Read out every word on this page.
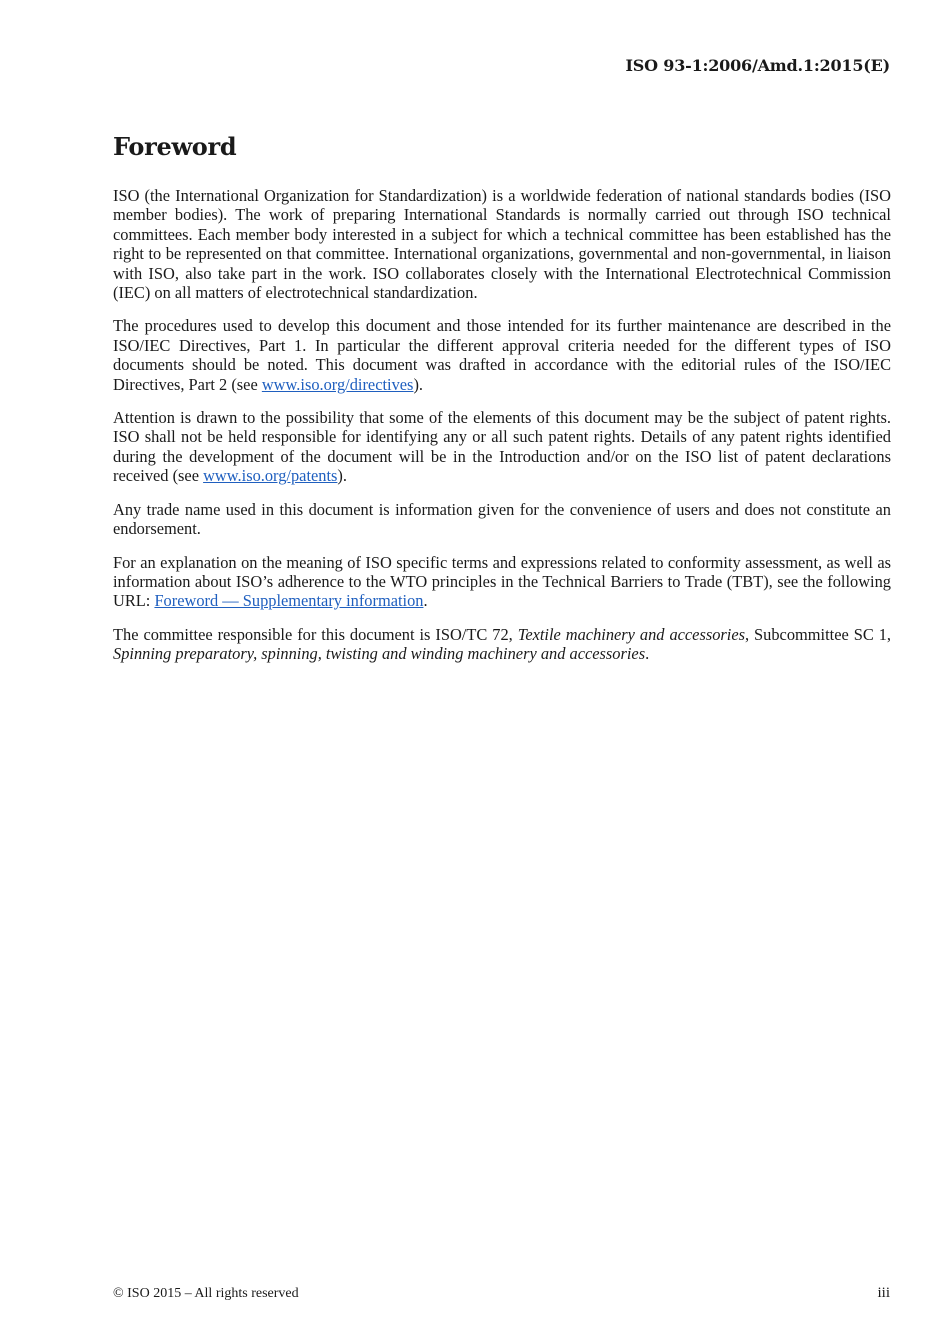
ISO 93-1:2006/Amd.1:2015(E)
Foreword

ISO (the International Organization for Standardization) is a worldwide federation of national standards bodies (ISO member bodies). The work of preparing International Standards is normally carried out through ISO technical committees. Each member body interested in a subject for which a technical committee has been established has the right to be represented on that committee. International organizations, governmental and non-governmental, in liaison with ISO, also take part in the work. ISO collaborates closely with the International Electrotechnical Commission (IEC) on all matters of electrotechnical standardization.

The procedures used to develop this document and those intended for its further maintenance are described in the ISO/IEC Directives, Part 1. In particular the different approval criteria needed for the different types of ISO documents should be noted. This document was drafted in accordance with the editorial rules of the ISO/IEC Directives, Part 2 (see www.iso.org/directives).

Attention is drawn to the possibility that some of the elements of this document may be the subject of patent rights. ISO shall not be held responsible for identifying any or all such patent rights. Details of any patent rights identified during the development of the document will be in the Introduction and/or on the ISO list of patent declarations received (see www.iso.org/patents).

Any trade name used in this document is information given for the convenience of users and does not constitute an endorsement.

For an explanation on the meaning of ISO specific terms and expressions related to conformity assessment, as well as information about ISO’s adherence to the WTO principles in the Technical Barriers to Trade (TBT), see the following URL: Foreword — Supplementary information.

The committee responsible for this document is ISO/TC 72, Textile machinery and accessories, Subcommittee SC 1, Spinning preparatory, spinning, twisting and winding machinery and accessories.

© ISO 2015 – All rights reserved	iii
